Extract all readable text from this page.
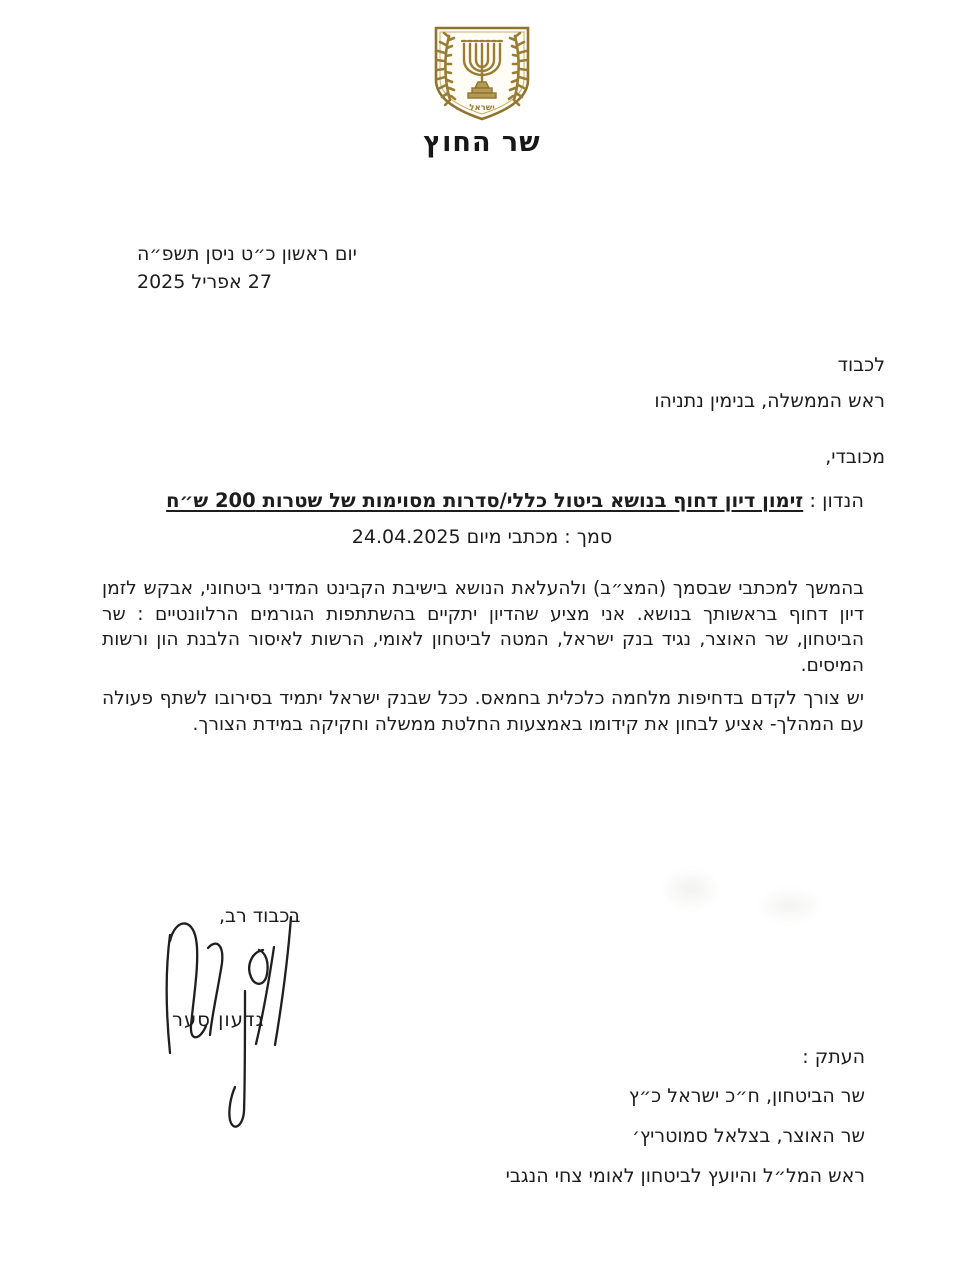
ישראל
שר החוץ
יום ראשון כ״ט ניסן תשפ״ה
27 אפריל 2025
לכבוד
ראש הממשלה, בנימין נתניהו
מכובדי,
הנדון : זימון דיון דחוף בנושא ביטול כללי/סדרות מסוימות של שטרות 200 ש״ח
סמך : מכתבי מיום 24.04.2025

בהמשך למכתבי שבסמך (המצ״ב) ולהעלאת הנושא בישיבת הקבינט המדיני ביטחוני, אבקש לזמן דיון דחוף בראשותך בנושא. אני מציע שהדיון יתקיים בהשתתפות הגורמים הרלוונטיים : שר הביטחון, שר האוצר, נגיד בנק ישראל, המטה לביטחון לאומי, הרשות לאיסור הלבנת הון ורשות המיסים.

יש צורך לקדם בדחיפות מלחמה כלכלית בחמאס. ככל שבנק ישראל יתמיד בסירובו לשתף פעולה עם המהלך- אציע לבחון את קידומו באמצעות החלטת ממשלה וחקיקה במידת הצורך.

בכבוד רב,
גדעון סער
העתק :
שר הביטחון, ח״כ ישראל כ״ץ
שר האוצר, בצלאל סמוטריץ׳
ראש המל״ל והיועץ לביטחון לאומי צחי הנגבי
